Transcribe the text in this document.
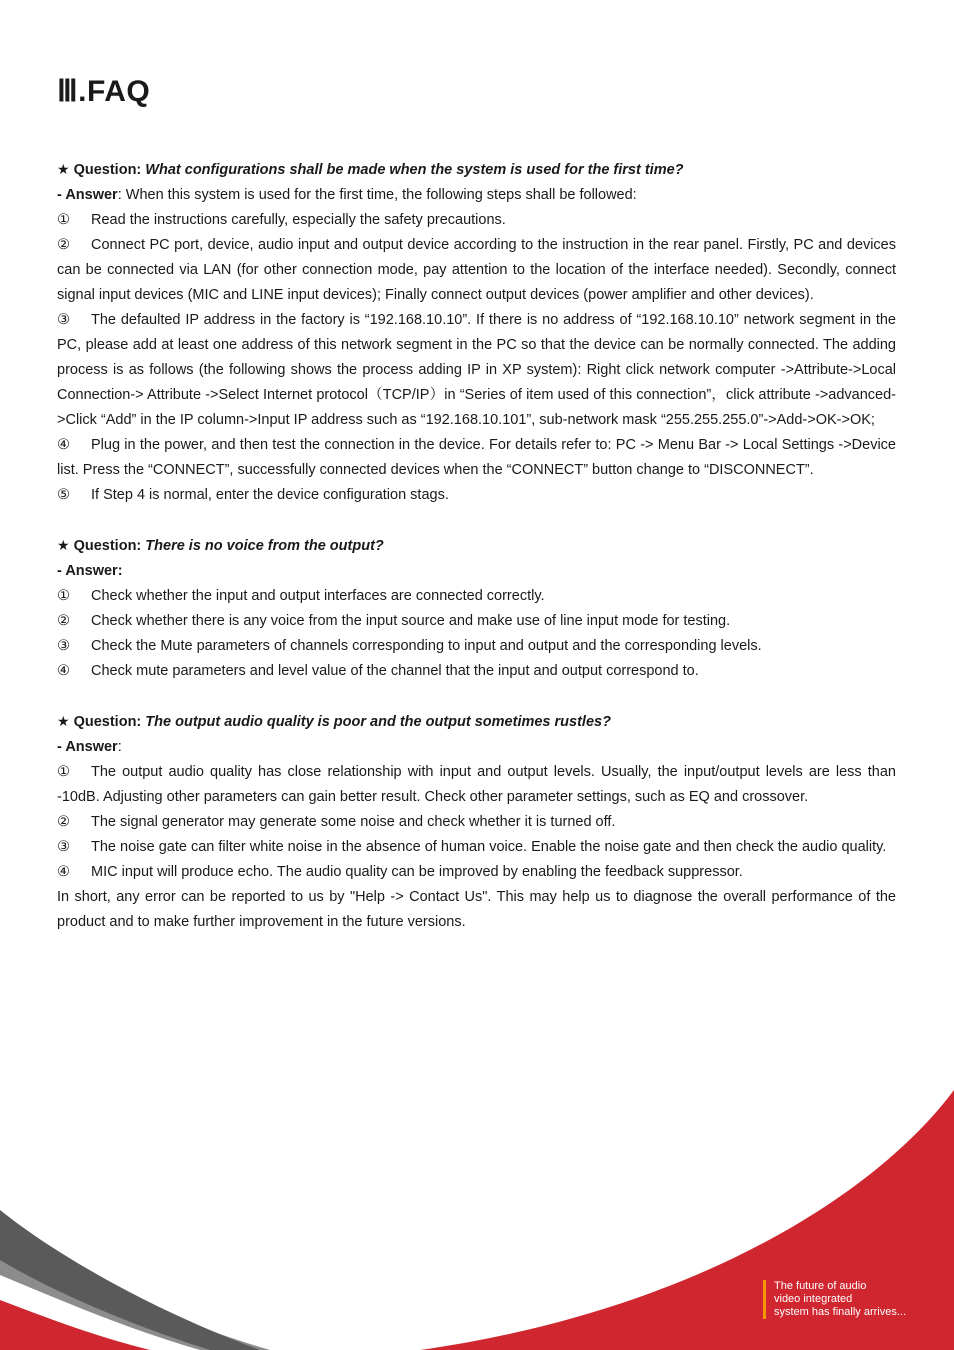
Ⅲ.FAQ

★ Question: What configurations shall be made when the system is used for the first time?

- Answer: When this system is used for the first time, the following steps shall be followed:

① Read the instructions carefully, especially the safety precautions.

② Connect PC port, device, audio input and output device according to the instruction in the rear panel. Firstly, PC and devices can be connected via LAN (for other connection mode, pay attention to the location of the interface needed). Secondly, connect signal input devices (MIC and LINE input devices); Finally connect output devices (power amplifier and other devices).

③ The defaulted IP address in the factory is “192.168.10.10”. If there is no address of “192.168.10.10” network segment in the PC, please add at least one address of this network segment in the PC so that the device can be normally connected. The adding process is as follows (the following shows the process adding IP in XP system): Right click network computer ->Attribute->Local Connection-> Attribute ->Select Internet protocol（TCP/IP）in “Series of item used of this connection”，click attribute ->advanced->Click “Add” in the IP column->Input IP address such as “192.168.10.101”, sub-network mask “255.255.255.0”->Add->OK->OK;

④ Plug in the power, and then test the connection in the device. For details refer to: PC -> Menu Bar -> Local Settings ->Device list. Press the “CONNECT”, successfully connected devices when the “CONNECT” button change to “DISCONNECT”.

⑤ If Step 4 is normal, enter the device configuration stags.

★ Question: There is no voice from the output?

- Answer:

① Check whether the input and output interfaces are connected correctly.

② Check whether there is any voice from the input source and make use of line input mode for testing.

③ Check the Mute parameters of channels corresponding to input and output and the corresponding levels.

④ Check mute parameters and level value of the channel that the input and output correspond to.

★ Question: The output audio quality is poor and the output sometimes rustles?

- Answer:

① The output audio quality has close relationship with input and output levels. Usually, the input/output levels are less than -10dB. Adjusting other parameters can gain better result. Check other parameter settings, such as EQ and crossover.

② The signal generator may generate some noise and check whether it is turned off.

③ The noise gate can filter white noise in the absence of human voice. Enable the noise gate and then check the audio quality.

④ MIC input will produce echo. The audio quality can be improved by enabling the feedback suppressor.

In short, any error can be reported to us by "Help -> Contact Us". This may help us to diagnose the overall performance of the product and to make further improvement in the future versions.

The future of audio
video integrated
system has finally arrives...
